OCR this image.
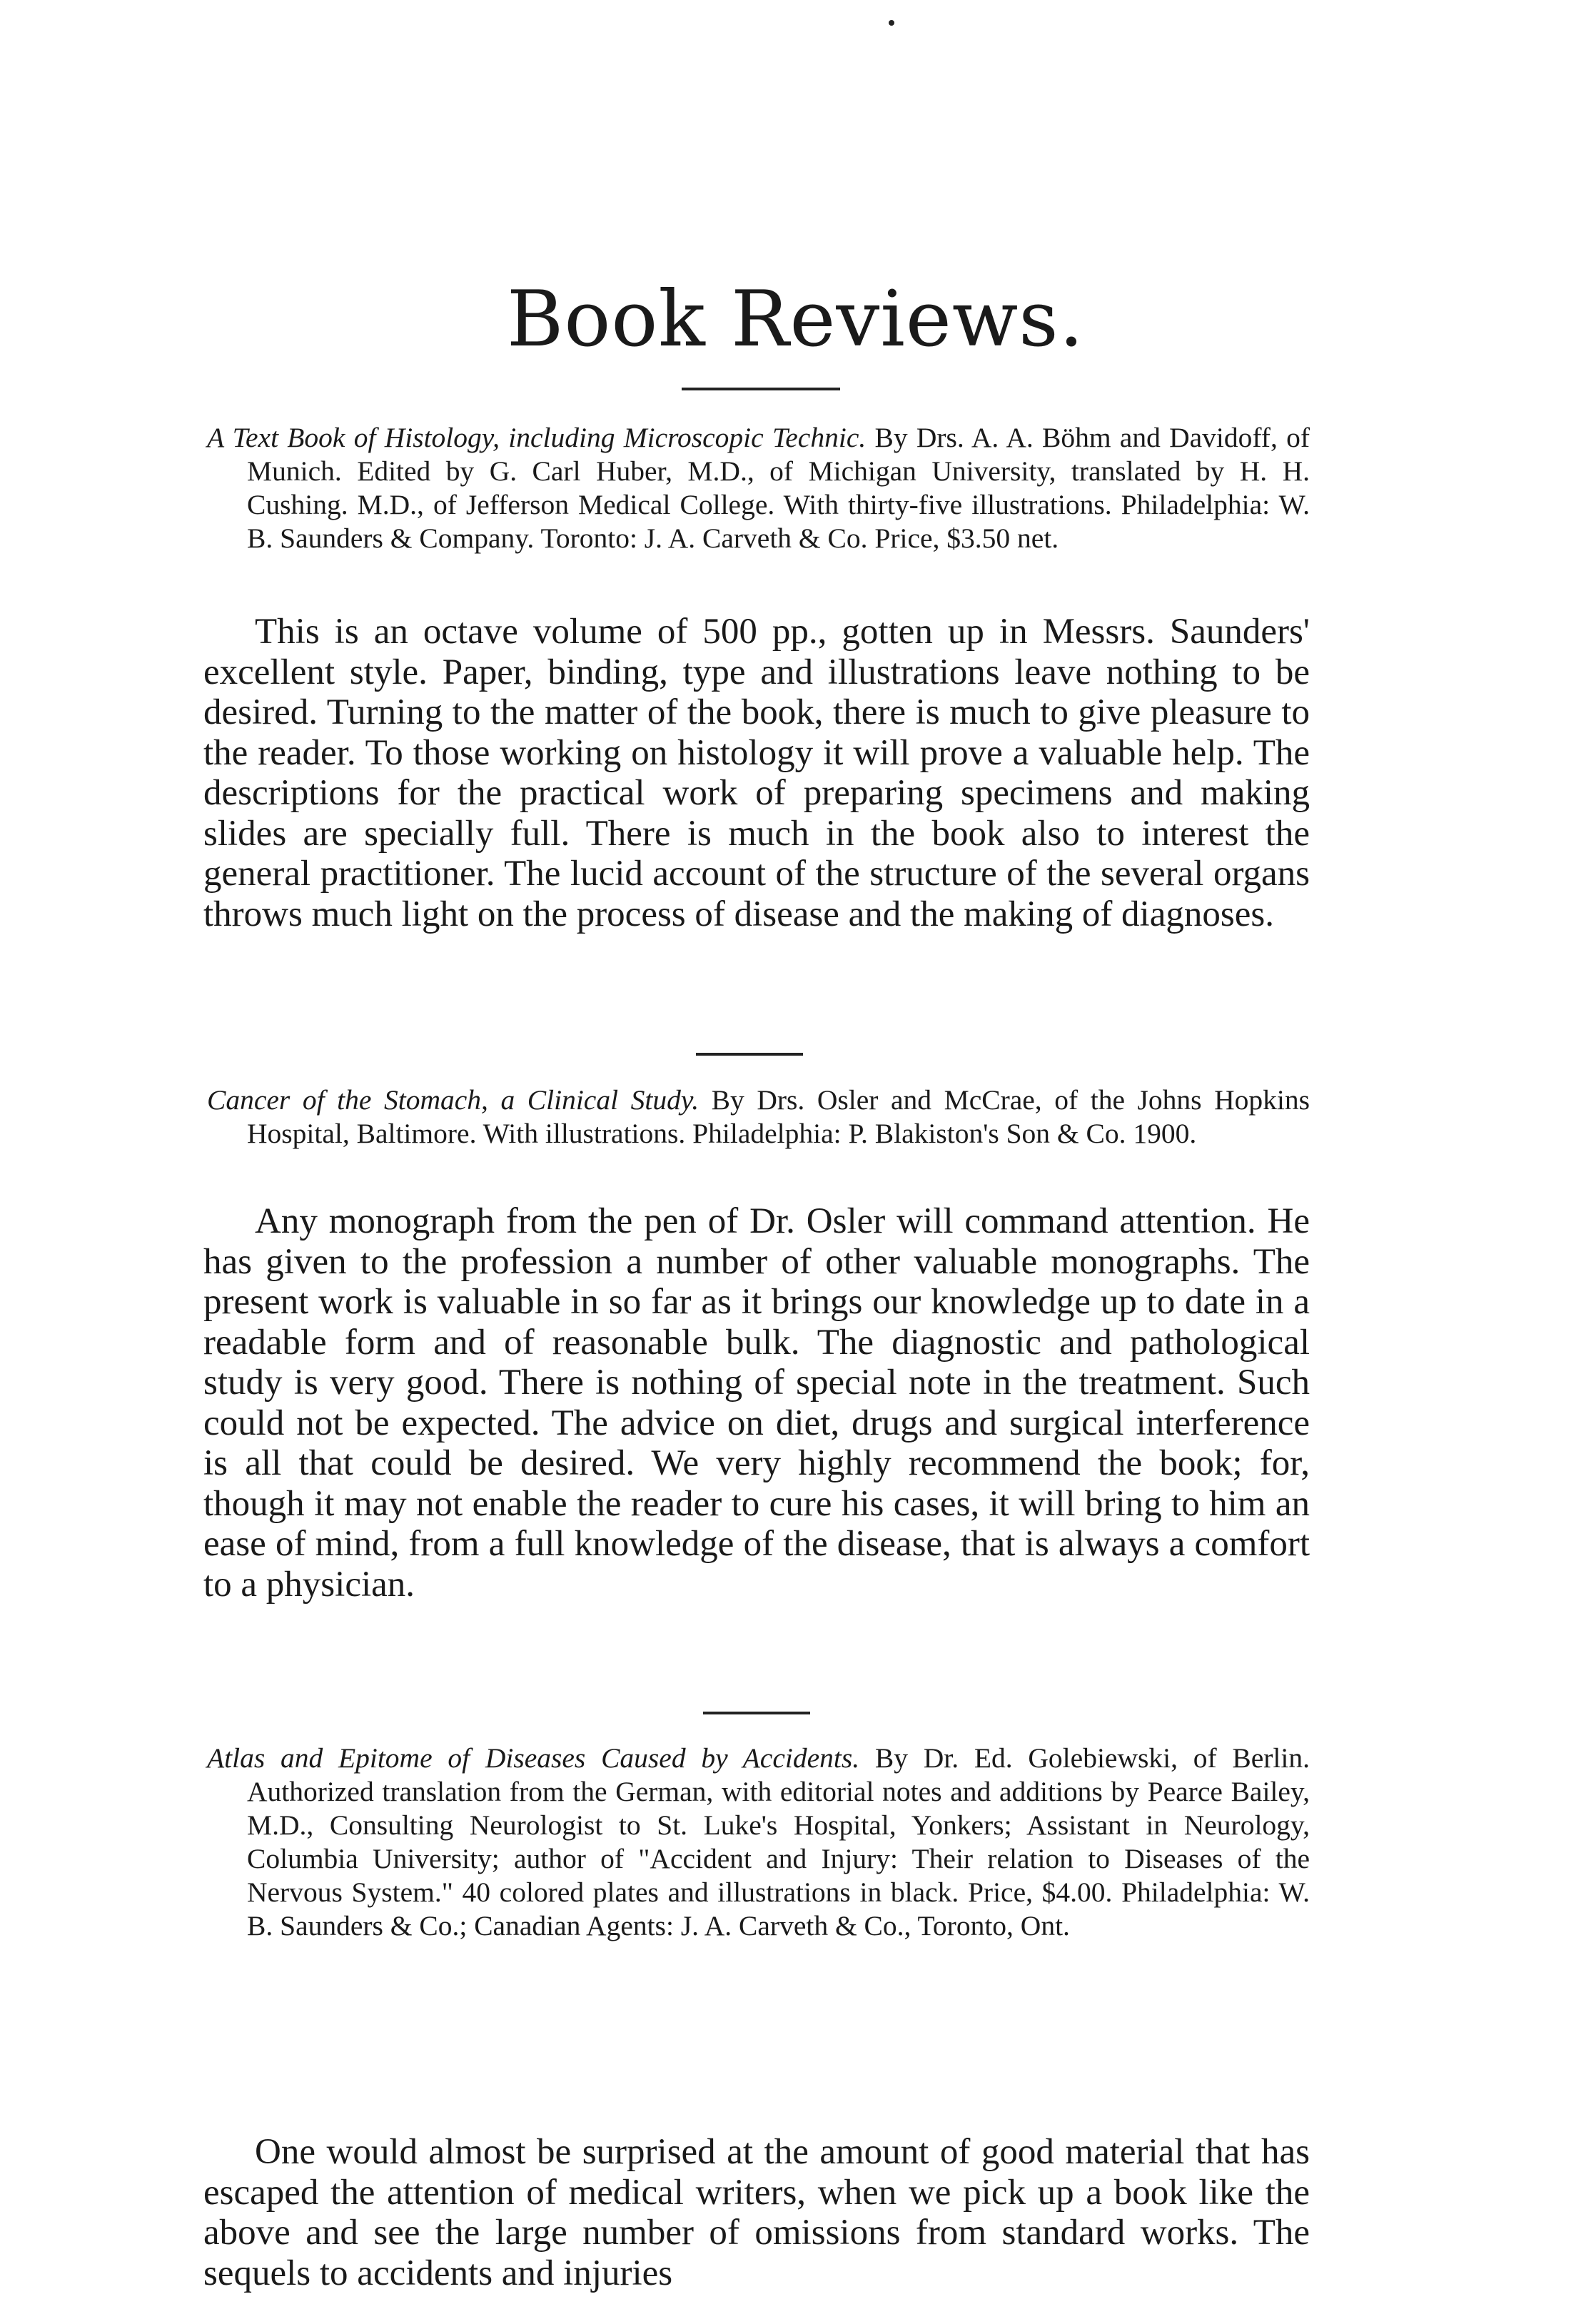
Book Reviews.

A Text Book of Histology, including Microscopic Technic. By Drs. A. A. Böhm and Davidoff, of Munich. Edited by G. Carl Huber, M.D., of Michigan University, translated by H. H. Cushing. M.D., of Jefferson Medical College. With thirty-five illustrations. Philadelphia: W. B. Saunders & Company. Toronto: J. A. Carveth & Co. Price, $3.50 net.

This is an octave volume of 500 pp., gotten up in Messrs. Saunders' excellent style. Paper, binding, type and illustrations leave nothing to be desired. Turning to the matter of the book, there is much to give pleasure to the reader. To those working on histology it will prove a valuable help. The descriptions for the practical work of preparing specimens and making slides are specially full. There is much in the book also to interest the general practitioner. The lucid account of the structure of the several organs throws much light on the process of disease and the making of diagnoses.

Cancer of the Stomach, a Clinical Study. By Drs. Osler and McCrae, of the Johns Hopkins Hospital, Baltimore. With illustrations. Philadelphia: P. Blakiston's Son & Co. 1900.

Any monograph from the pen of Dr. Osler will command attention. He has given to the profession a number of other valuable monographs. The present work is valuable in so far as it brings our knowledge up to date in a readable form and of reasonable bulk. The diagnostic and pathological study is very good. There is nothing of special note in the treatment. Such could not be expected. The advice on diet, drugs and surgical interference is all that could be desired. We very highly recommend the book; for, though it may not enable the reader to cure his cases, it will bring to him an ease of mind, from a full knowledge of the disease, that is always a comfort to a physician.

Atlas and Epitome of Diseases Caused by Accidents. By Dr. Ed. Golebiewski, of Berlin. Authorized translation from the German, with editorial notes and additions by Pearce Bailey, M.D., Consulting Neurologist to St. Luke's Hospital, Yonkers; Assistant in Neurology, Columbia University; author of "Accident and Injury: Their relation to Diseases of the Nervous System." 40 colored plates and illustrations in black. Price, $4.00. Philadelphia: W. B. Saunders & Co.; Canadian Agents: J. A. Carveth & Co., Toronto, Ont.

One would almost be surprised at the amount of good material that has escaped the attention of medical writers, when we pick up a book like the above and see the large number of omissions from standard works. The sequels to accidents and injuries
